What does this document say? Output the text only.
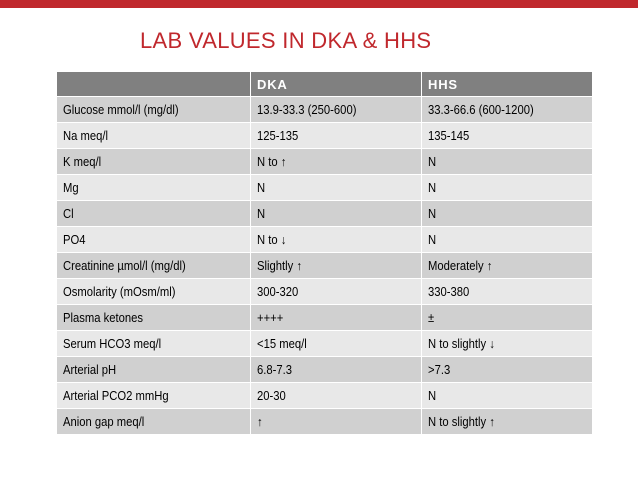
LAB VALUES IN DKA & HHS
	DKA	HHS
Glucose mmol/l (mg/dl)	13.9-33.3 (250-600)	33.3-66.6 (600-1200)
Na meq/l	125-135	135-145
K meq/l	N to ↑	N
Mg	N	N
Cl	N	N
PO4	N to ↓	N
Creatinine µmol/l (mg/dl)	Slightly ↑	Moderately ↑
Osmolarity (mOsm/ml)	300-320	330-380
Plasma ketones	++++	±
Serum HCO3 meq/l	<15 meq/l	N to slightly ↓
Arterial pH	6.8-7.3	>7.3
Arterial PCO2 mmHg	20-30	N
Anion gap meq/l	↑	N to slightly ↑
